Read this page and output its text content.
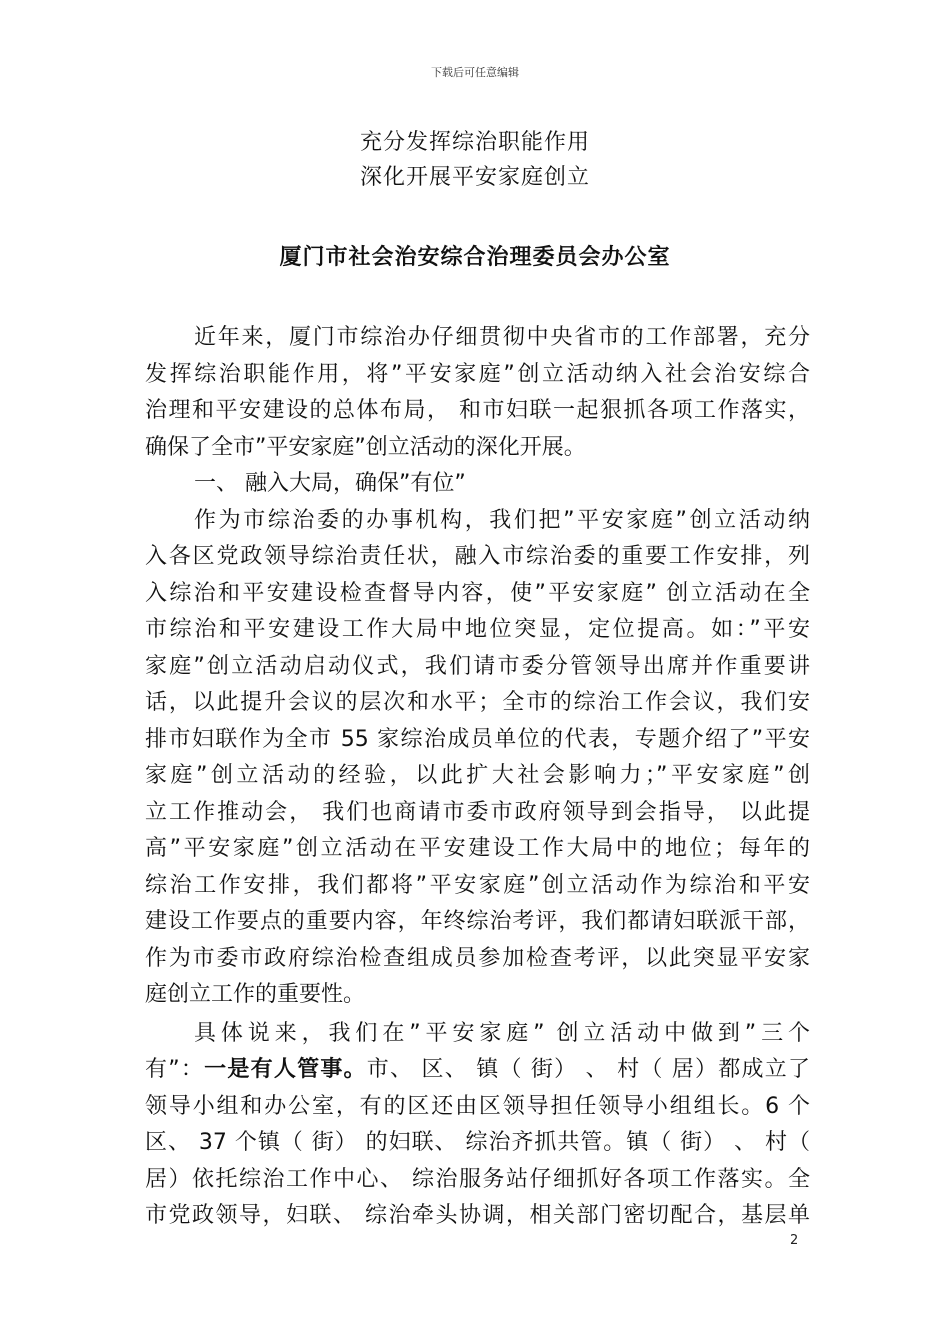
下载后可任意编辑
充分发挥综治职能作用
深化开展平安家庭创立
厦门市社会治安综合治理委员会办公室
近年来，厦门市综治办仔细贯彻中央省市的工作部署，充分
发挥综治职能作用，将”平安家庭”创立活动纳入社会治安综合
治理和平安建设的总体布局， 和市妇联一起狠抓各项工作落实，
确保了全市”平安家庭”创立活动的深化开展。
一、 融入大局，确保”有位”
作为市综治委的办事机构，我们把”平安家庭”创立活动纳
入各区党政领导综治责任状，融入市综治委的重要工作安排，列
入综治和平安建设检查督导内容，使”平安家庭” 创立活动在全
市综治和平安建设工作大局中地位突显，定位提高。如：”平安
家庭”创立活动启动仪式，我们请市委分管领导出席并作重要讲
话，以此提升会议的层次和水平；全市的综治工作会议，我们安
排市妇联作为全市 55 家综治成员单位的代表，专题介绍了”平安
家庭”创立活动的经验，以此扩大社会影响力；”平安家庭”创
立工作推动会， 我们也商请市委市政府领导到会指导， 以此提
高”平安家庭”创立活动在平安建设工作大局中的地位；每年的
综治工作安排，我们都将”平安家庭”创立活动作为综治和平安
建设工作要点的重要内容，年终综治考评，我们都请妇联派干部，
作为市委市政府综治检查组成员参加检查考评，以此突显平安家
庭创立工作的重要性。
具体说来，我们在”平安家庭” 创立活动中做到”三个
有”：一是有人管事。市、 区、 镇（ 街） 、 村（ 居）都成立了
领导小组和办公室，有的区还由区领导担任领导小组组长。6 个
区、 37 个镇（ 街） 的妇联、 综治齐抓共管。镇（ 街） 、 村（
居）依托综治工作中心、 综治服务站仔细抓好各项工作落实。全
市党政领导，妇联、 综治牵头协调，相关部门密切配合，基层单
2
